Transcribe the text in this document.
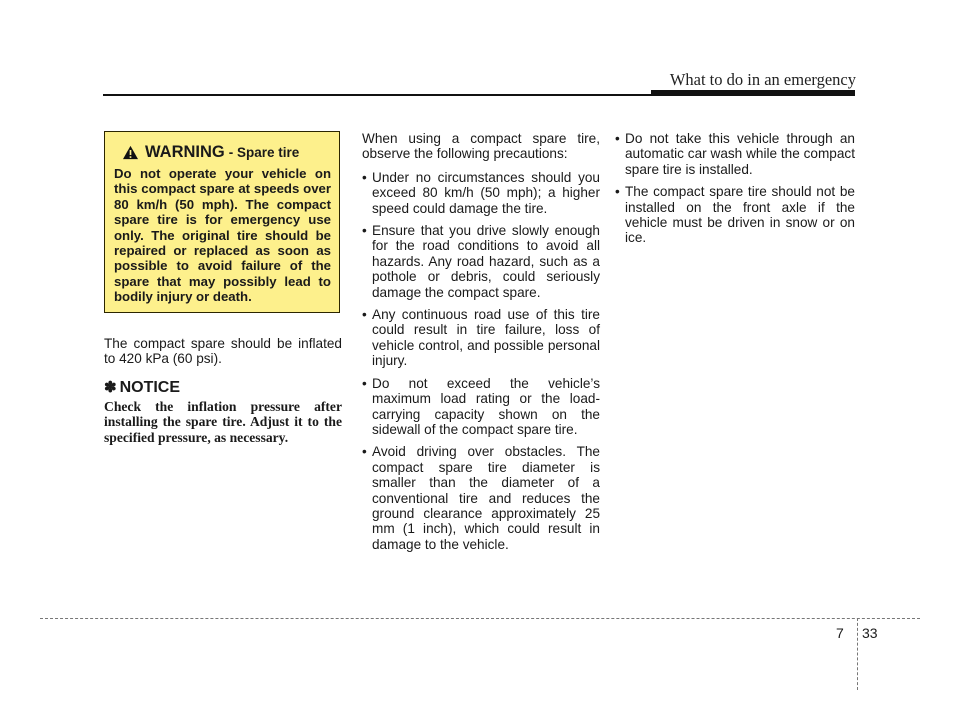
What to do in an emergency
WARNING - Spare tire

Do not operate your vehicle on this compact spare at speeds over 80 km/h (50 mph). The compact spare tire is for emergency use only. The original tire should be repaired or replaced as soon as possible to avoid failure of the spare that may possibly lead to bodily injury or death.

The compact spare should be inflated to 420 kPa (60 psi).

✽ NOTICE

Check the inflation pressure after installing the spare tire. Adjust it to the specified pressure, as necessary.

When using a compact spare tire, observe the following precautions:

• Under no circumstances should you exceed 80 km/h (50 mph); a higher speed could damage the tire.
• Ensure that you drive slowly enough for the road conditions to avoid all hazards. Any road hazard, such as a pothole or debris, could seriously damage the compact spare.
• Any continuous road use of this tire could result in tire failure, loss of vehicle control, and possible personal injury.
• Do not exceed the vehicle’s maximum load rating or the load-carrying capacity shown on the sidewall of the compact spare tire.
• Avoid driving over obstacles. The compact spare tire diameter is smaller than the diameter of a conventional tire and reduces the ground clearance approximately 25 mm (1 inch), which could result in damage to the vehicle.
• Do not take this vehicle through an automatic car wash while the compact spare tire is installed.
• The compact spare tire should not be installed on the front axle if the vehicle must be driven in snow or on ice.
7 33
